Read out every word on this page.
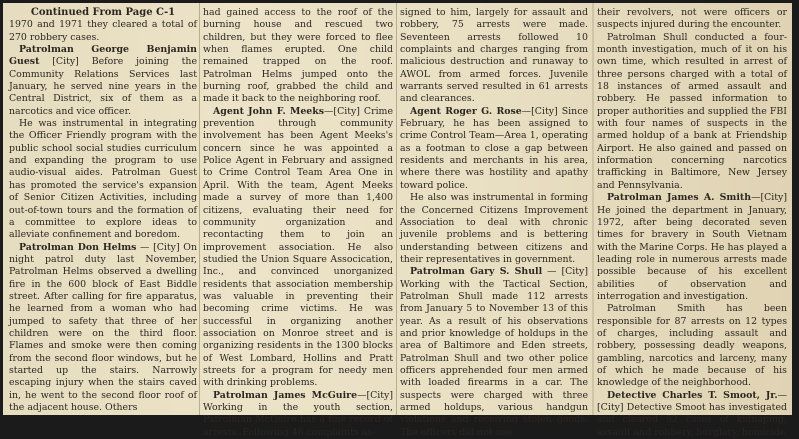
Continued From Page C-1

1970 and 1971 they cleared a total of 270 robbery cases.

Patrolman George Benjamin Guest [City] Before joining the Community Relations Services last January, he served nine years in the Central District, six of them as a narcotics and vice officer.

He was instrumental in integrating the Officer Friendly program with the public school social studies curriculum and expanding the program to use audio-visual aides. Patrolman Guest has promoted the service's expansion of Senior Citizen Activities, including out-of-town tours and the formation of a committee to explore ideas to alleviate confinement and boredom.

Patrolman Don Helms — [City] On night patrol duty last November, Patrolman Helms observed a dwelling fire in the 600 block of East Biddle street. After calling for fire apparatus, he learned from a woman who had jumped to safety that three of her children were on the third floor. Flames and smoke were then coming from the second floor windows, but he started up the stairs. Narrowly escaping injury when the stairs caved in, he went to the second floor roof of the adjacent house. Others

had gained access to the roof of the burning house and rescued two children, but they were forced to flee when flames erupted. One child remained trapped on the roof. Patrolman Helms jumped onto the burning roof, grabbed the child and made it back to the neighboring roof.

Agent John F. Meeks—[City] Crime prevention through community involvement has been Agent Meeks's concern since he was appointed a Police Agent in February and assigned to Crime Control Team Area One in April. With the team, Agent Meeks made a survey of more than 1,400 citizens, evaluating their need for community organization and recontacting them to join an improvement association. He also studied the Union Square Assocication, Inc., and convinced unorganized residents that association membership was valuable in preventing their becoming crime victims. He was successful in organizing another association on Monroe street and is organizing residents in the 1300 blocks of West Lombard, Hollins and Pratt streets for a program for needy men with drinking problems.

Patrolman James McGuire—[City] Working in the youth section, Patrolman McGuire has a fine record of arrests. Following 46 complaints as-

signed to him, largely for assault and robbery, 75 arrests were made. Seventeen arrests followed 10 complaints and charges ranging from malicious destruction and runaway to AWOL from armed forces. Juvenile warrants served resulted in 61 arrests and clearances.

Agent Roger G. Rose—[City] Since February, he has been assigned to crime Control Team—Area 1, operating as a footman to close a gap between residents and merchants in his area, where there was hostility and apathy toward police.

He also was instrumental in forming the Concerned Citizens Improvement Association to deal with chronic juvenile problems and is bettering understanding between citizens and their representatives in government.

Patrolman Gary S. Shull — [City] Working with the Tactical Section, Patrolman Shull made 112 arrests from January 5 to November 13 of this year. As a result of his observations and prior knowledge of holdups in the area of Baltimore and Eden streets, Patrolman Shull and two other police officers apprehended four men armed with loaded firearms in a car. The suspects were charged with three armed holdups, various handgun violations and receiving stolen goods. The officers did not use

their revolvers, not were officers or suspects injured during the encounter.

Patrolman Shull conducted a four-month investigation, much of it on his own time, which resulted in arrest of three persons charged with a total of 18 instances of armed assault and robbery. He passed information to proper authorities and supplied the FBI with four names of suspects in the armed holdup of a bank at Friendship Airport. He also gained and passed on information concerning narcotics trafficking in Baltimore, New Jersey and Pennsylvania.

Patrolman James A. Smith—[City] He joined the department in January, 1972, after being decorated seven times for bravery in South Vietnam with the Marine Corps. He has played a leading role in numerous arrests made possible because of his excellent abilities of observation and interrogation and investigation.

Patrolman Smith has been responsible for 87 arrests on 12 types of charges, including assault and robbery, possessing deadly weapons, gambling, narcotics and larceny, many of which he made because of his knowledge of the neighborhood.

Detective Charles T. Smoot, Jr.—[City] Detective Smoot has investigated and cleared 52 cases of kidnaping, assault and robbery, burglary, homicide
